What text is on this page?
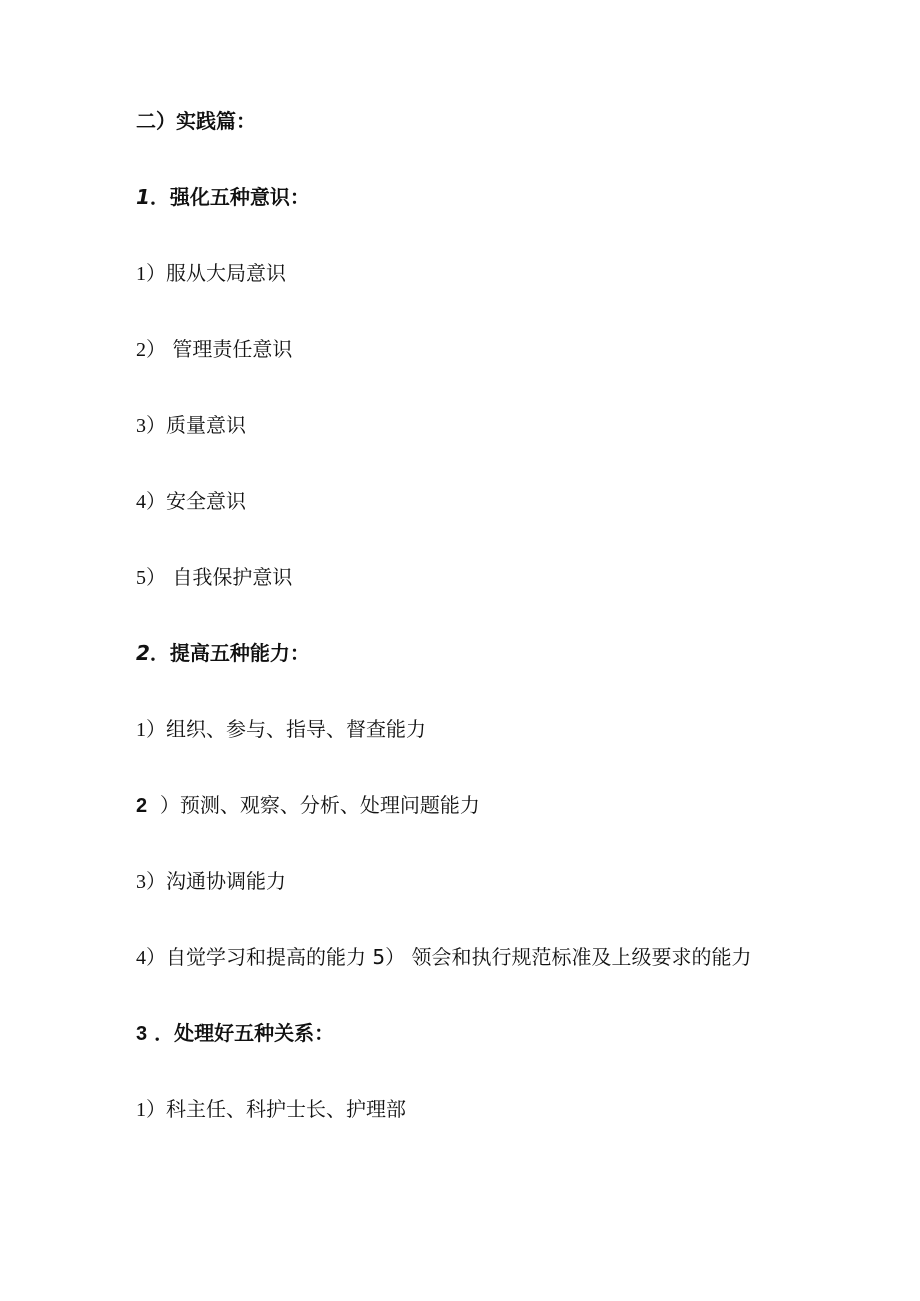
二）实践篇：
1．强化五种意识：
1）服从大局意识
2） 管理责任意识
3）质量意识
4）安全意识
5） 自我保护意识
2．提高五种能力：
1）组织、参与、指导、督查能力
2  ）预测、观察、分析、处理问题能力
3）沟通协调能力
4）自觉学习和提高的能力 5） 领会和执行规范标准及上级要求的能力
3 ．处理好五种关系：
1）科主任、科护士长、护理部
